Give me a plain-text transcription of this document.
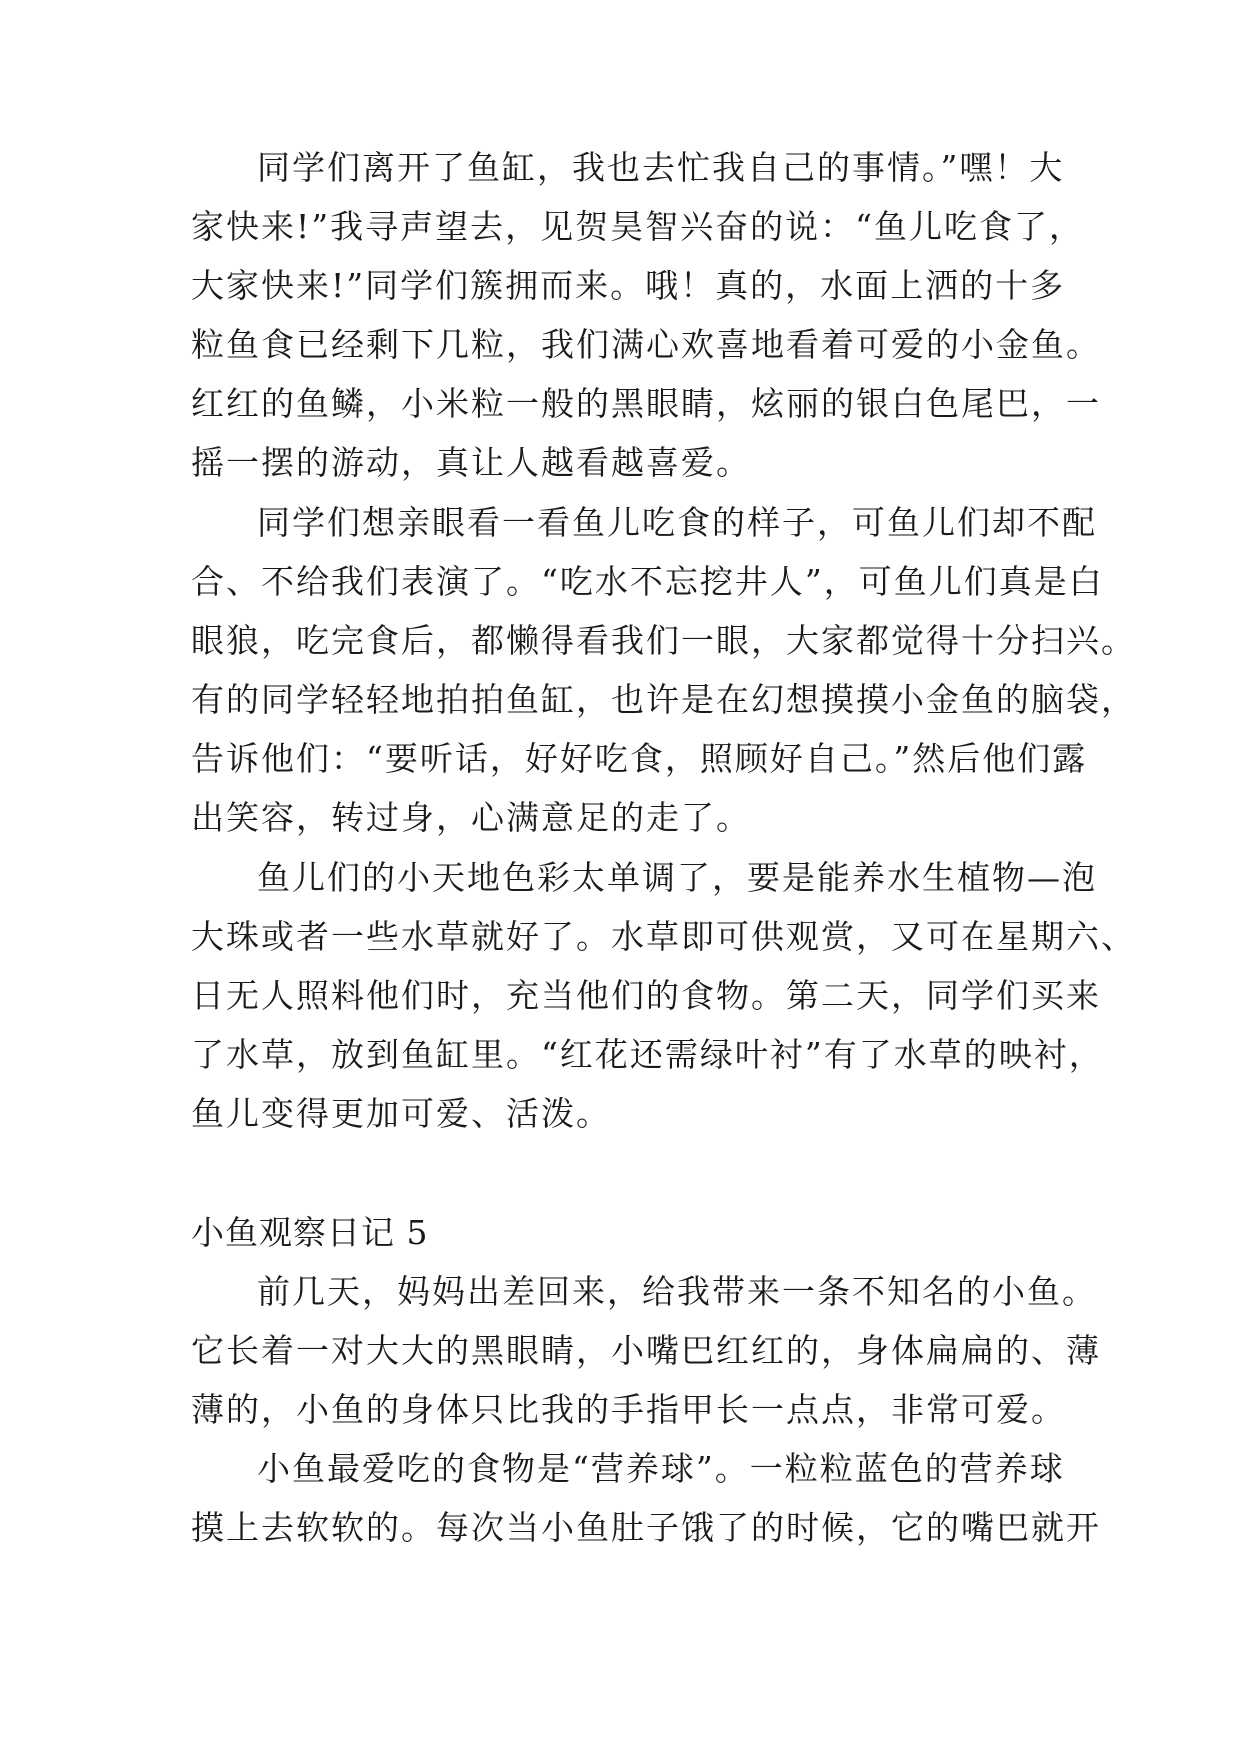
同学们离开了鱼缸，我也去忙我自己的事情。”嘿！大
家快来!”我寻声望去，见贺昊智兴奋的说：“鱼儿吃食了，
大家快来!”同学们簇拥而来。哦！真的，水面上洒的十多
粒鱼食已经剩下几粒，我们满心欢喜地看着可爱的小金鱼。
红红的鱼鳞，小米粒一般的黑眼睛，炫丽的银白色尾巴，一
摇一摆的游动，真让人越看越喜爱。
同学们想亲眼看一看鱼儿吃食的样子，可鱼儿们却不配
合、不给我们表演了。“吃水不忘挖井人”，可鱼儿们真是白
眼狼，吃完食后，都懒得看我们一眼，大家都觉得十分扫兴。
有的同学轻轻地拍拍鱼缸，也许是在幻想摸摸小金鱼的脑袋，
告诉他们：“要听话，好好吃食，照顾好自己。”然后他们露
出笑容，转过身，心满意足的走了。
鱼儿们的小天地色彩太单调了，要是能养水生植物—泡
大珠或者一些水草就好了。水草即可供观赏，又可在星期六、
日无人照料他们时，充当他们的食物。第二天，同学们买来
了水草，放到鱼缸里。“红花还需绿叶衬”有了水草的映衬，
鱼儿变得更加可爱、活泼。
小鱼观察日记 5
前几天，妈妈出差回来，给我带来一条不知名的小鱼。
它长着一对大大的黑眼睛，小嘴巴红红的，身体扁扁的、薄
薄的，小鱼的身体只比我的手指甲长一点点，非常可爱。
小鱼最爱吃的食物是“营养球”。一粒粒蓝色的营养球
摸上去软软的。每次当小鱼肚子饿了的时候，它的嘴巴就开
